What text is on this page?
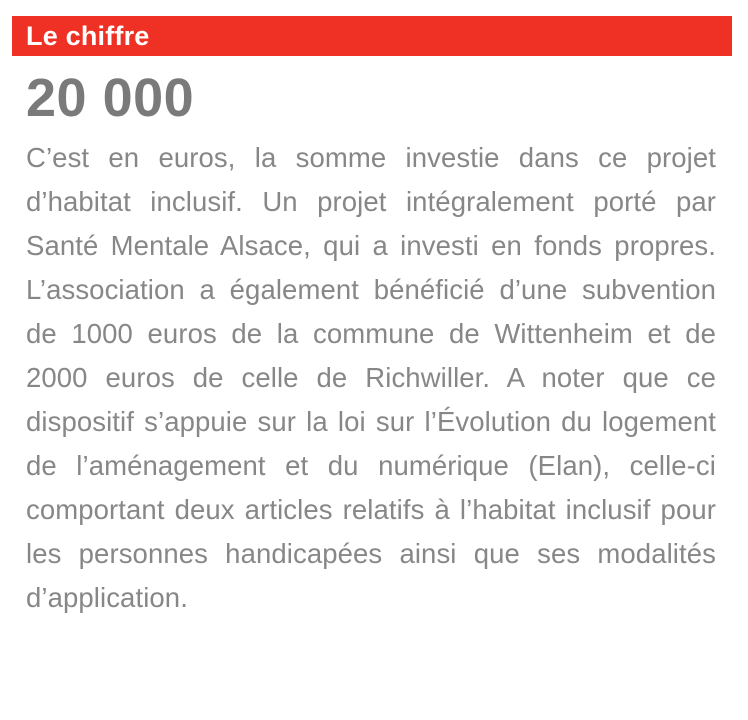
Le chiffre
20 000
C’est en euros, la somme investie dans ce projet d’habitat inclusif. Un projet intégralement porté par Santé Mentale Alsace, qui a investi en fonds propres. L’association a également bénéficié d’une subvention de 1000 euros de la commune de Wittenheim et de 2000 euros de celle de Richwiller. A noter que ce dispositif s’appuie sur la loi sur l’Évolution du logement de l’aménagement et du numérique (Elan), celle-ci comportant deux articles relatifs à l’habitat inclusif pour les personnes handicapées ainsi que ses modalités d’application.
